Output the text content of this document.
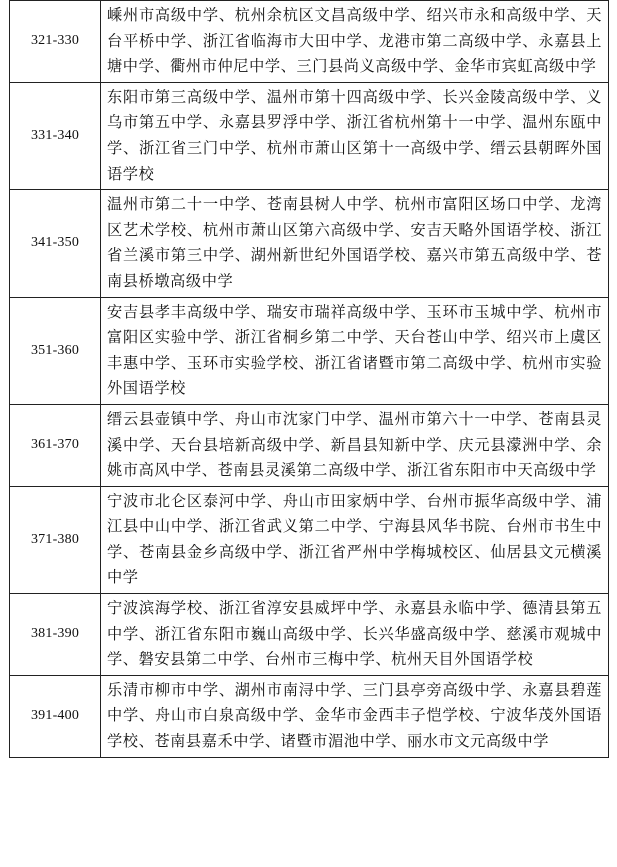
321-330	嵊州市高级中学、杭州余杭区文昌高级中学、绍兴市永和高级中学、天台平桥中学、浙江省临海市大田中学、龙港市第二高级中学、永嘉县上塘中学、衢州市仲尼中学、三门县尚义高级中学、金华市宾虹高级中学
331-340	东阳市第三高级中学、温州市第十四高级中学、长兴金陵高级中学、义乌市第五中学、永嘉县罗浮中学、浙江省杭州第十一中学、温州东瓯中学、浙江省三门中学、杭州市萧山区第十一高级中学、缙云县朝晖外国语学校
341-350	温州市第二十一中学、苍南县树人中学、杭州市富阳区场口中学、龙湾区艺术学校、杭州市萧山区第六高级中学、安吉天略外国语学校、浙江省兰溪市第三中学、湖州新世纪外国语学校、嘉兴市第五高级中学、苍南县桥墩高级中学
351-360	安吉县孝丰高级中学、瑞安市瑞祥高级中学、玉环市玉城中学、杭州市富阳区实验中学、浙江省桐乡第二中学、天台苍山中学、绍兴市上虞区丰惠中学、玉环市实验学校、浙江省诸暨市第二高级中学、杭州市实验外国语学校
361-370	缙云县壶镇中学、舟山市沈家门中学、温州市第六十一中学、苍南县灵溪中学、天台县培新高级中学、新昌县知新中学、庆元县濛洲中学、余姚市高风中学、苍南县灵溪第二高级中学、浙江省东阳市中天高级中学
371-380	宁波市北仑区泰河中学、舟山市田家炳中学、台州市振华高级中学、浦江县中山中学、浙江省武义第二中学、宁海县风华书院、台州市书生中学、苍南县金乡高级中学、浙江省严州中学梅城校区、仙居县文元横溪中学
381-390	宁波滨海学校、浙江省淳安县威坪中学、永嘉县永临中学、德清县第五中学、浙江省东阳市巍山高级中学、长兴华盛高级中学、慈溪市观城中学、磐安县第二中学、台州市三梅中学、杭州天目外国语学校
391-400	乐清市柳市中学、湖州市南浔中学、三门县亭旁高级中学、永嘉县碧莲中学、舟山市白泉高级中学、金华市金西丰子恺学校、宁波华茂外国语学校、苍南县嘉禾中学、诸暨市湄池中学、丽水市文元高级中学
